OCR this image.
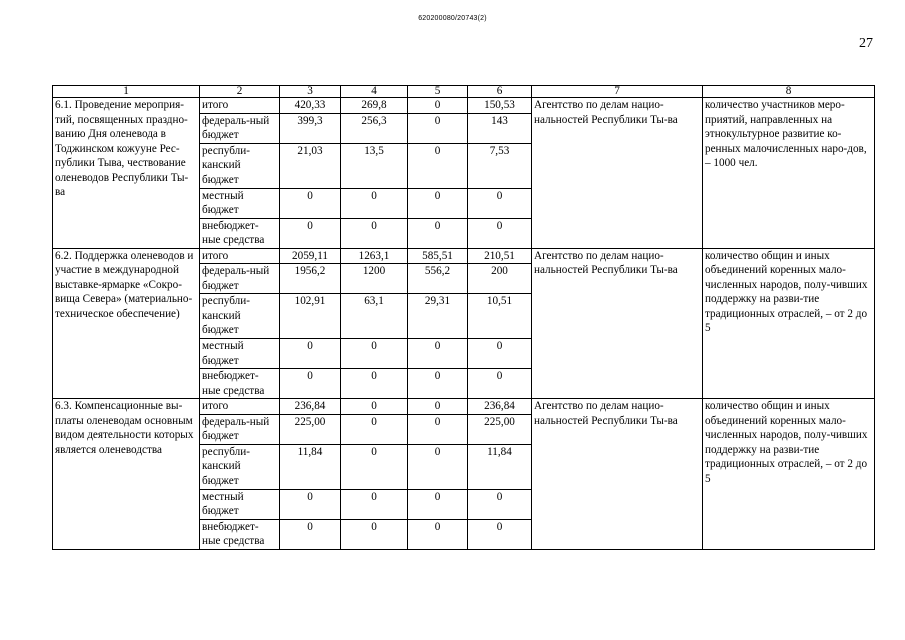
620200080/20743(2)
27
1	2	3	4	5	6	7	8
6.1. Проведение мероприя-тий, посвященных праздно-ванию Дня оленевода в Тоджинском кожууне Рес-публики Тыва, чествование оленеводов Республики Ты-ва	итого	420,33	269,8	0	150,53	Агентство по делам нацио-нальностей Республики Ты-ва	количество участников меро-приятий, направленных на этнокультурное развитие ко-ренных малочисленных наро-дов, – 1000 чел.
	федераль-ный бюджет	399,3	256,3	0	143		
	республи-канский бюджет	21,03	13,5	0	7,53		
	местный бюджет	0	0	0	0		
	внебюджет-ные средства	0	0	0	0		
6.2. Поддержка оленеводов и участие в международной выставке-ярмарке «Сокро-вища Севера» (материально-техническое обеспечение)	итого	2059,11	1263,1	585,51	210,51	Агентство по делам нацио-нальностей Республики Ты-ва	количество общин и иных объединений коренных мало-численных народов, полу-чивших поддержку на разви-тие традиционных отраслей, – от 2 до 5
	федераль-ный бюджет	1956,2	1200	556,2	200		
	республи-канский бюджет	102,91	63,1	29,31	10,51		
	местный бюджет	0	0	0	0		
	внебюджет-ные средства	0	0	0	0		
6.3. Компенсационные вы-платы оленеводам основным видом деятельности которых является оленеводства	итого	236,84	0	0	236,84	Агентство по делам нацио-нальностей Республики Ты-ва	количество общин и иных объединений коренных мало-численных народов, полу-чивших поддержку на разви-тие традиционных отраслей, – от 2 до 5
	федераль-ный бюджет	225,00	0	0	225,00		
	республи-канский бюджет	11,84	0	0	11,84		
	местный бюджет	0	0	0	0		
	внебюджет-ные средства	0	0	0	0		
